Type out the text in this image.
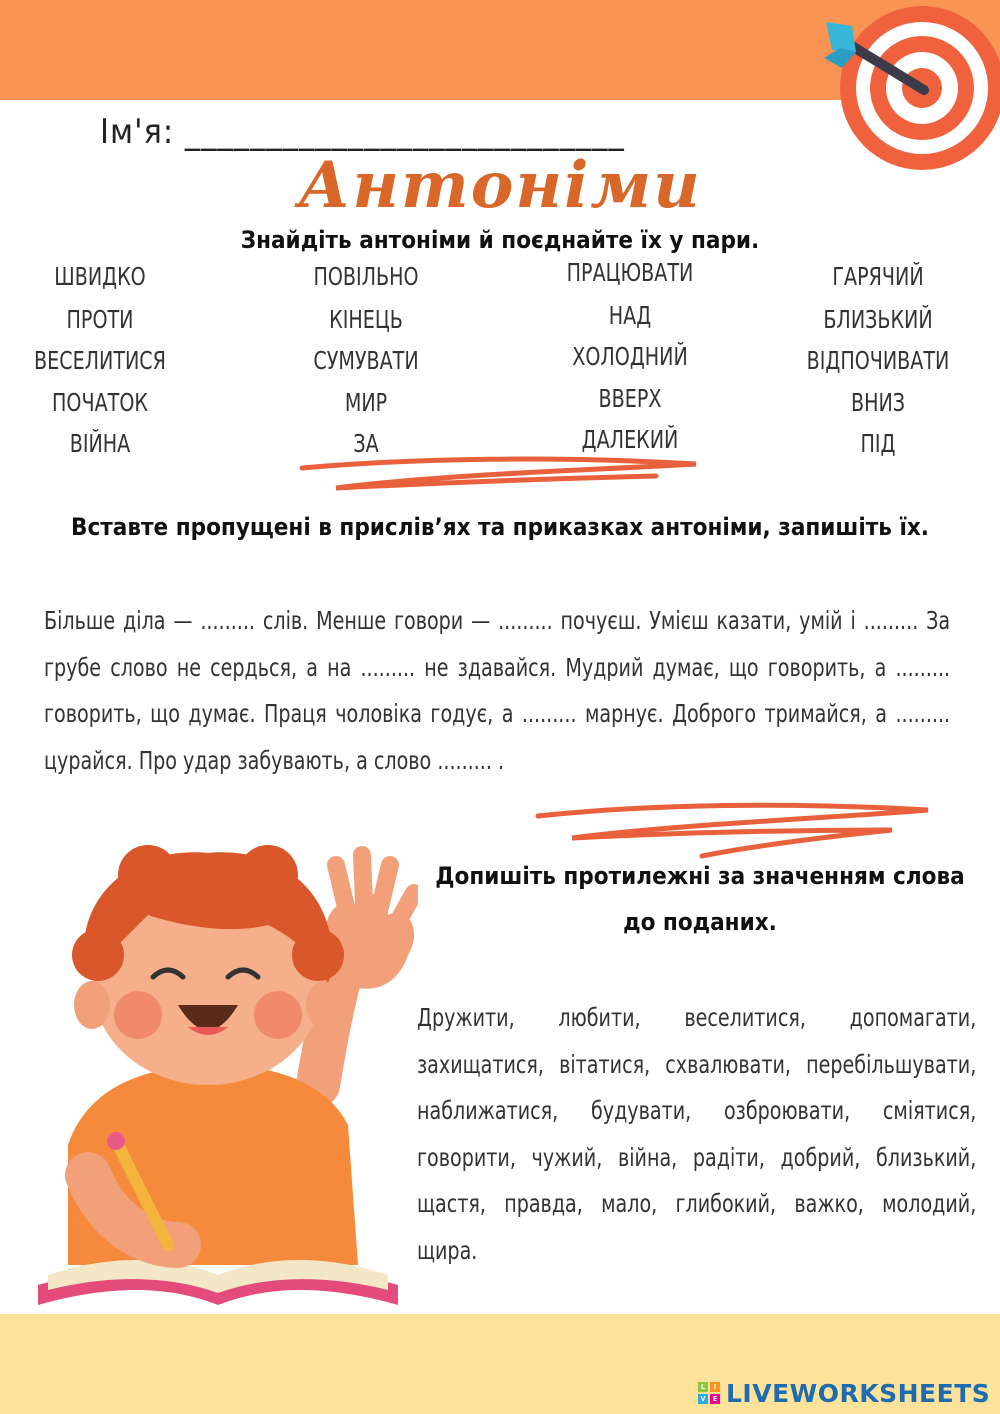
Ім'я: ___________________________
Антоніми
Знайдіть антоніми й поєднайте їх у пари.
ШВИДКО
ПРОТИ
ВЕСЕЛИТИСЯ
ПОЧАТОК
ВІЙНА
ПОВІЛЬНО
КІНЕЦЬ
СУМУВАТИ
МИР
ЗА
ПРАЦЮВАТИ
НАД
ХОЛОДНИЙ
ВВЕРХ
ДАЛЕКИЙ
ГАРЯЧИЙ
БЛИЗЬКИЙ
ВІДПОЧИВАТИ
ВНИЗ
ПІД
Вставте пропущені в прислів’ях та приказках антоніми, запишіть їх.
Більше діла — ......... слів. Менше говори — ......... почуєш. Умієш казати, умій і ......... За грубе слово не сердься, а на ......... не здавайся. Мудрий думає, що говорить, а ......... говорить, що думає. Праця чоловіка годує, а ......... марнує. Доброго тримайся, а ......... цурайся. Про удар забувають, а слово ......... .
Допишіть протилежні за значенням слова
до поданих.
Дружити, любити, веселитися, допомагати, захищатися, вітатися, схвалювати, перебільшувати, наближатися, будувати, озброювати, сміятися, говорити, чужий, війна, радіти, добрий, близький, щастя, правда, мало, глибокий, важко, молодий, щира.
L	I
V	E LIVEWORKSHEETS
